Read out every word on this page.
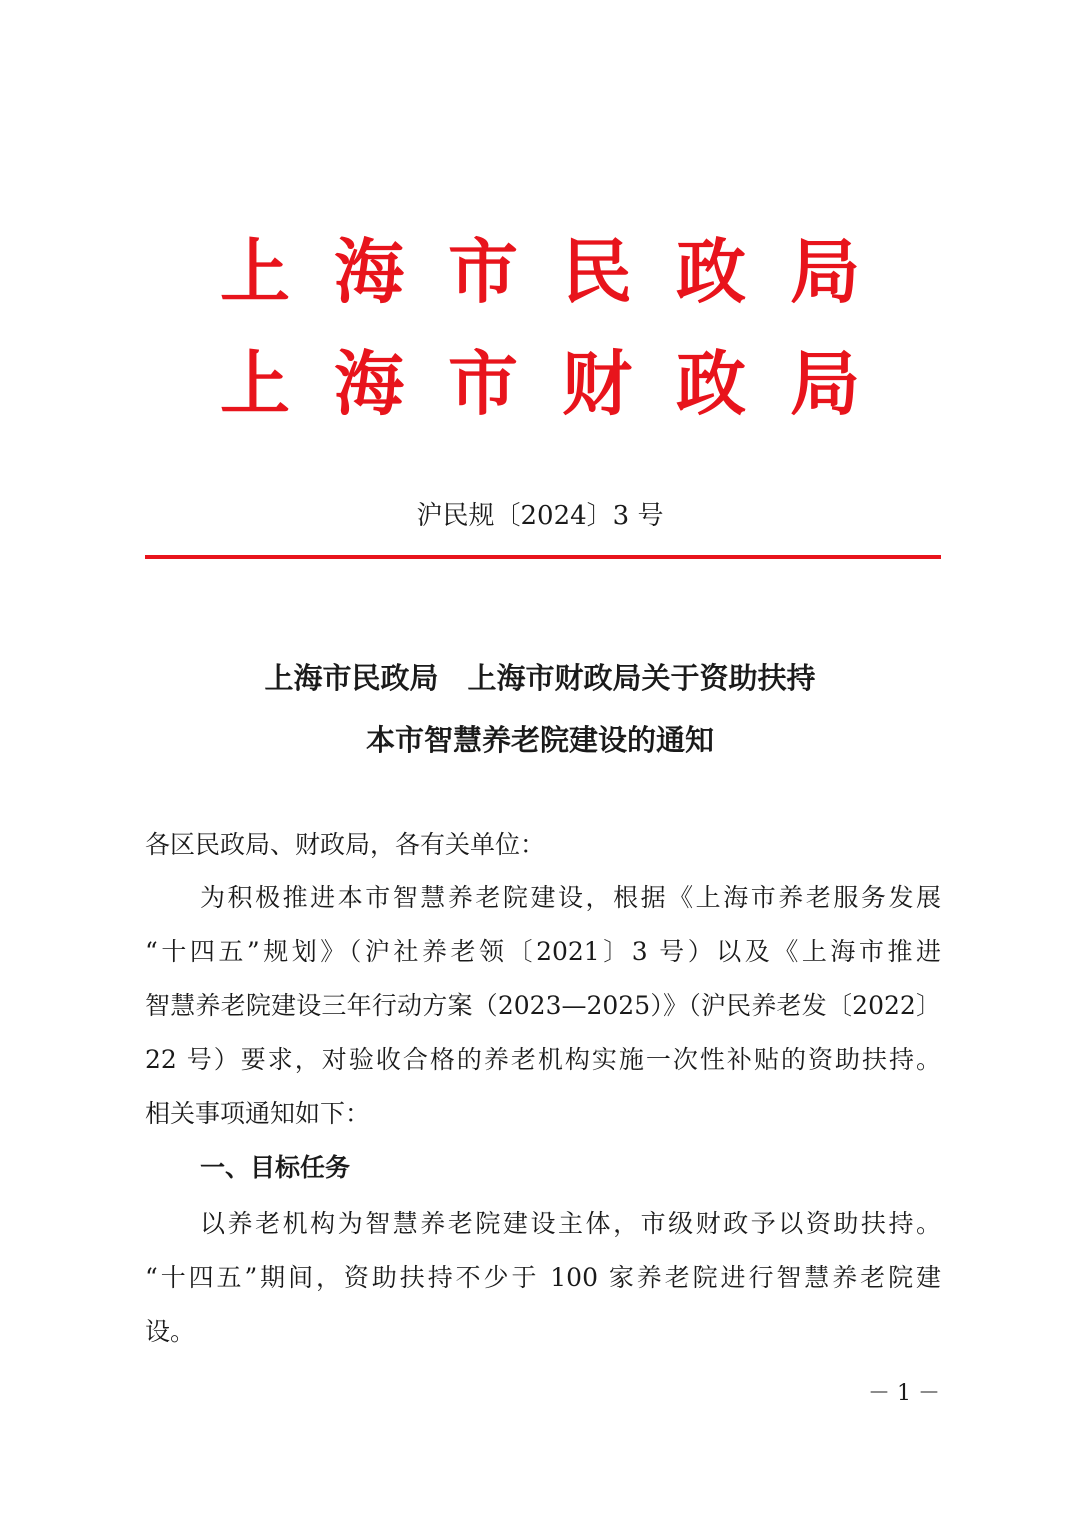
上海市民政局
上海市财政局
沪民规〔2024〕3 号
上海市民政局　上海市财政局关于资助扶持
本市智慧养老院建设的通知
各区民政局、财政局，各有关单位：
为积极推进本市智慧养老院建设，根据《上海市养老服务发展
“十四五”规划》（沪社养老领〔2021〕3 号）以及《上海市推进
智慧养老院建设三年行动方案（2023—2025）》（沪民养老发〔2022〕
22 号）要求，对验收合格的养老机构实施一次性补贴的资助扶持。
相关事项通知如下：
一、目标任务
以养老机构为智慧养老院建设主体，市级财政予以资助扶持。
“十四五”期间，资助扶持不少于 100 家养老院进行智慧养老院建
设。
－ 1 －
